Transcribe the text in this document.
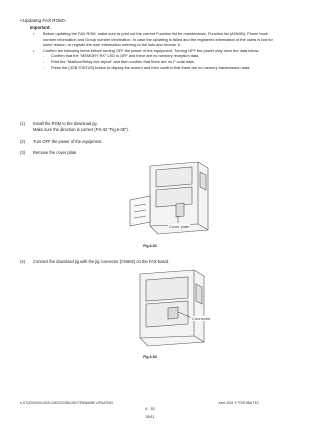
<Updating FAX ROM>
Important:
• Before updating the FAX ROM, make sure to print out the current Function list for maintenance, Function list (ADMIN), Phone book number information and Group number information. In case the updating is failed and the registered information of the users is lost for some reason, re-register the user information referring to the lists and recover it.
• Confirm the following items before turning OFF the power of the equipment. Turning OFF the power may clear the data below.
- Confirm that the "MEMORY RX" LED is OFF and there are no memory reception data.
- Print the "Mailbox/Relay box report" and then confirm that there are no F code data.
- Press the [JOB STATUS] button to display the screen and then confirm that there are no memory transmission data.
(1) Install the ROM to the download jig.
Make sure the direction is correct (P.6-32 "Fig.6-35").
(2) Turn OFF the power of the equipment.
(3) Remove the cover plate.
Cover plate
Fig.6-52
(4) Connect the download jig with the jig connector (CN602) on the FAX board.
Connector
Fig.6-53
e-STUDIO200L/202L/230/232/280/282 FIRMWARE UPDATING	June 2004 © TOSHIBA TEC
6 - 53
05/11
